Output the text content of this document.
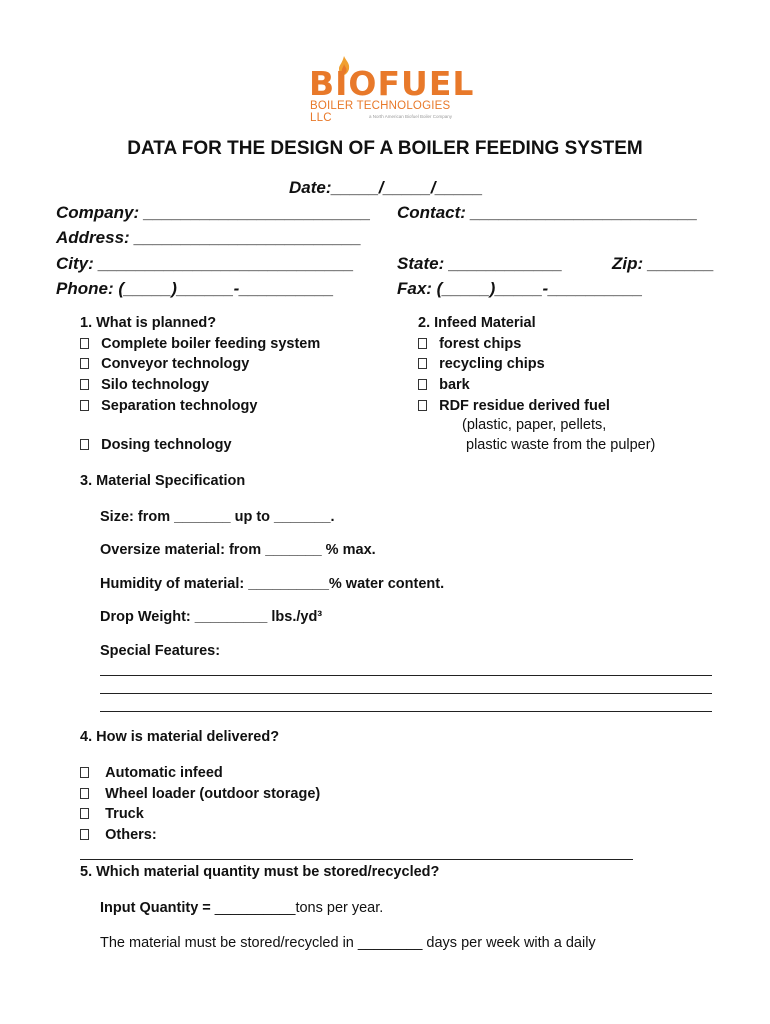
BIOFUEL
BOILER TECHNOLOGIES LLC	a North American Biofuel Boiler Company
DATA FOR THE DESIGN OF A BOILER FEEDING SYSTEM
Date:_____/_____/_____
Company: ________________________ Contact: ________________________
Address: ________________________
City: ___________________________	State: ____________	Zip: _______
Phone: (_____)______-__________	Fax: (_____)_____-__________
1. What is planned?
Complete boiler feeding system
Conveyor technology
Silo technology
Separation technology
Dosing technology
2. Infeed Material
forest chips
recycling chips
bark
RDF residue derived fuel
(plastic, paper, pellets,
plastic waste from the pulper)
3. Material Specification
Size: from _______ up to _______.
Oversize material: from _______ % max.
Humidity of material: __________% water content.
Drop Weight: _________ lbs./yd³
Special Features:
4. How is material delivered?
Automatic infeed
Wheel loader (outdoor storage)
Truck
Others:
5. Which material quantity must be stored/recycled?
Input Quantity = __________tons per year.
The material must be stored/recycled in ________ days per week with a daily
